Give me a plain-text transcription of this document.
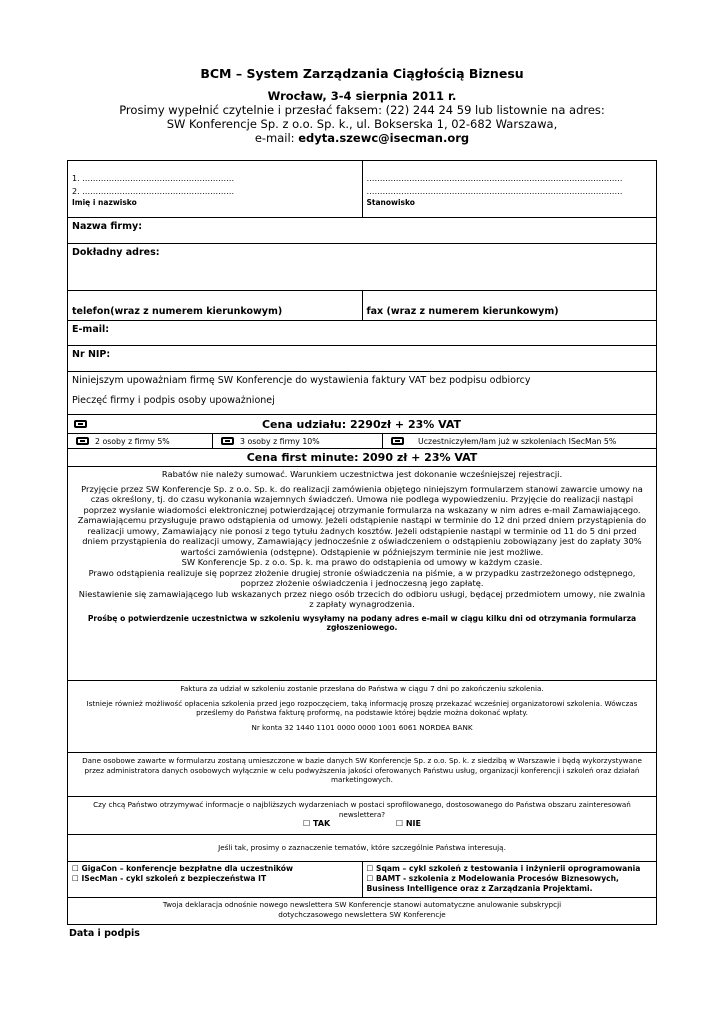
BCM – System Zarządzania Ciągłością Biznesu
Wrocław, 3-4 sierpnia 2011 r.
Prosimy wypełnić czytelnie i przesłać faksem: (22) 244 24 59 lub listownie na adres:
SW Konferencje Sp. z o.o. Sp. k., ul. Bokserska 1, 02-682 Warszawa,
e-mail: edyta.szewc@isecman.org
1. …………………………………………………
2. …………………………………………………
Imię i nazwisko
……………………………………………………………………………………
……………………………………………………………………………………
Stanowisko
Nazwa firmy:
Dokładny adres:
telefon(wraz z numerem kierunkowym)	fax (wraz z numerem kierunkowym)
E-mail:
Nr NIP:
Niniejszym upoważniam firmę SW Konferencje do wystawienia faktury VAT bez podpisu odbiorcy
Pieczęć firmy i podpis osoby upoważnionej
Cena udziału: 2290zł + 23% VAT
2 osoby z firmy 5%	3 osoby z firmy 10%	Uczestniczyłem/łam już w szkoleniach ISecMan 5%
Cena first minute: 2090 zł + 23% VAT

Rabatów nie należy sumować. Warunkiem uczestnictwa jest dokonanie wcześniejszej rejestracji.

Przyjęcie przez SW Konferencje Sp. z o.o. Sp. k. do realizacji zamówienia objętego niniejszym formularzem stanowi zawarcie umowy na czas określony, tj. do czasu wykonania wzajemnych świadczeń. Umowa nie podlega wypowiedzeniu. Przyjęcie do realizacji nastąpi poprzez wysłanie wiadomości elektronicznej potwierdzającej otrzymanie formularza na wskazany w nim adres e-mail Zamawiającego. Zamawiającemu przysługuje prawo odstąpienia od umowy. Jeżeli odstąpienie nastąpi w terminie do 12 dni przed dniem przystąpienia do realizacji umowy, Zamawiający nie ponosi z tego tytułu żadnych kosztów. Jeżeli odstąpienie nastąpi w terminie od 11 do 5 dni przed dniem przystąpienia do realizacji umowy, Zamawiający jednocześnie z oświadczeniem o odstąpieniu zobowiązany jest do zapłaty 30% wartości zamówienia (odstępne). Odstąpienie w późniejszym terminie nie jest możliwe.

SW Konferencje Sp. z o.o. Sp. k. ma prawo do odstąpienia od umowy w każdym czasie.

Prawo odstąpienia realizuje się poprzez złożenie drugiej stronie oświadczenia na piśmie, a w przypadku zastrzeżonego odstępnego, poprzez złożenie oświadczenia i jednoczesną jego zapłatę.

Niestawienie się zamawiającego lub wskazanych przez niego osób trzecich do odbioru usługi, będącej przedmiotem umowy, nie zwalnia z zapłaty wynagrodzenia.

Prośbę o potwierdzenie uczestnictwa w szkoleniu wysyłamy na podany adres e-mail w ciągu kilku dni od otrzymania formularza zgłoszeniowego.

Faktura za udział w szkoleniu zostanie przesłana do Państwa w ciągu 7 dni po zakończeniu szkolenia.

Istnieje również możliwość opłacenia szkolenia przed jego rozpoczęciem, taką informację proszę przekazać wcześniej organizatorowi szkolenia. Wówczas prześlemy do Państwa fakturę proformę, na podstawie której będzie można dokonać wpłaty.

Nr konta 32 1440 1101 0000 0000 1001 6061 NORDEA BANK

Dane osobowe zawarte w formularzu zostaną umieszczone w bazie danych SW Konferencje Sp. z o.o. Sp. k. z siedzibą w Warszawie i będą wykorzystywane przez administratora danych osobowych wyłącznie w celu podwyższenia jakości oferowanych Państwu usług, organizacji konferencji i szkoleń oraz działań marketingowych.

Czy chcą Państwo otrzymywać informacje o najbliższych wydarzeniach w postaci sprofilowanego, dostosowanego do Państwa obszaru zainteresowań newslettera?
☐ TAK	☐ NIE
Jeśli tak, prosimy o zaznaczenie tematów, które szczególnie Państwa interesują.
☐ GigaCon – konferencje bezpłatne dla uczestników
☐ ISecMan - cykl szkoleń z bezpieczeństwa IT
☐ Sqam – cykl szkoleń z testowania i inżynierii oprogramowania
☐ BAMT - szkolenia z Modelowania Procesów Biznesowych, Business Intelligence oraz z Zarządzania Projektami.
Twoja deklaracja odnośnie nowego newslettera SW Konferencje stanowi automatyczne anulowanie subskrypcji dotychczasowego newslettera SW Konferencje
Data i podpis
